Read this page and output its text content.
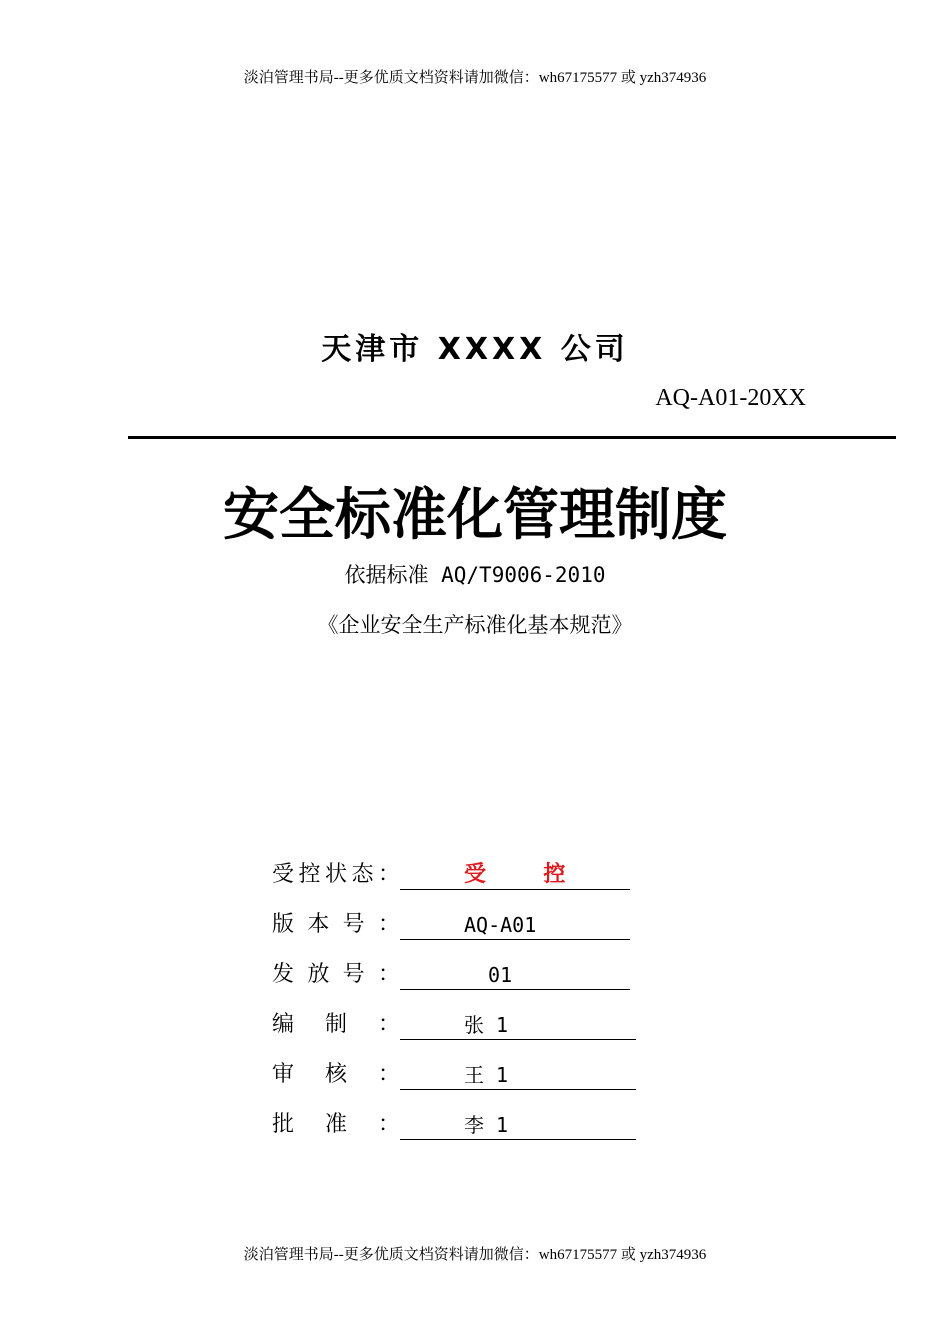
淡泊管理书局--更多优质文档资料请加微信：wh67175577 或 yzh374936
天津市 XXXX 公司
AQ-A01-20XX
安全标准化管理制度
依据标准 AQ/T9006-2010
《企业安全生产标准化基本规范》
受 控 状 态 ：	受  控
版 本 号 ：	AQ-A01
发 放 号 ：	01
编 制 ：	张 1
审 核 ：	王 1
批 准 ：	李 1
淡泊管理书局--更多优质文档资料请加微信：wh67175577 或 yzh374936
